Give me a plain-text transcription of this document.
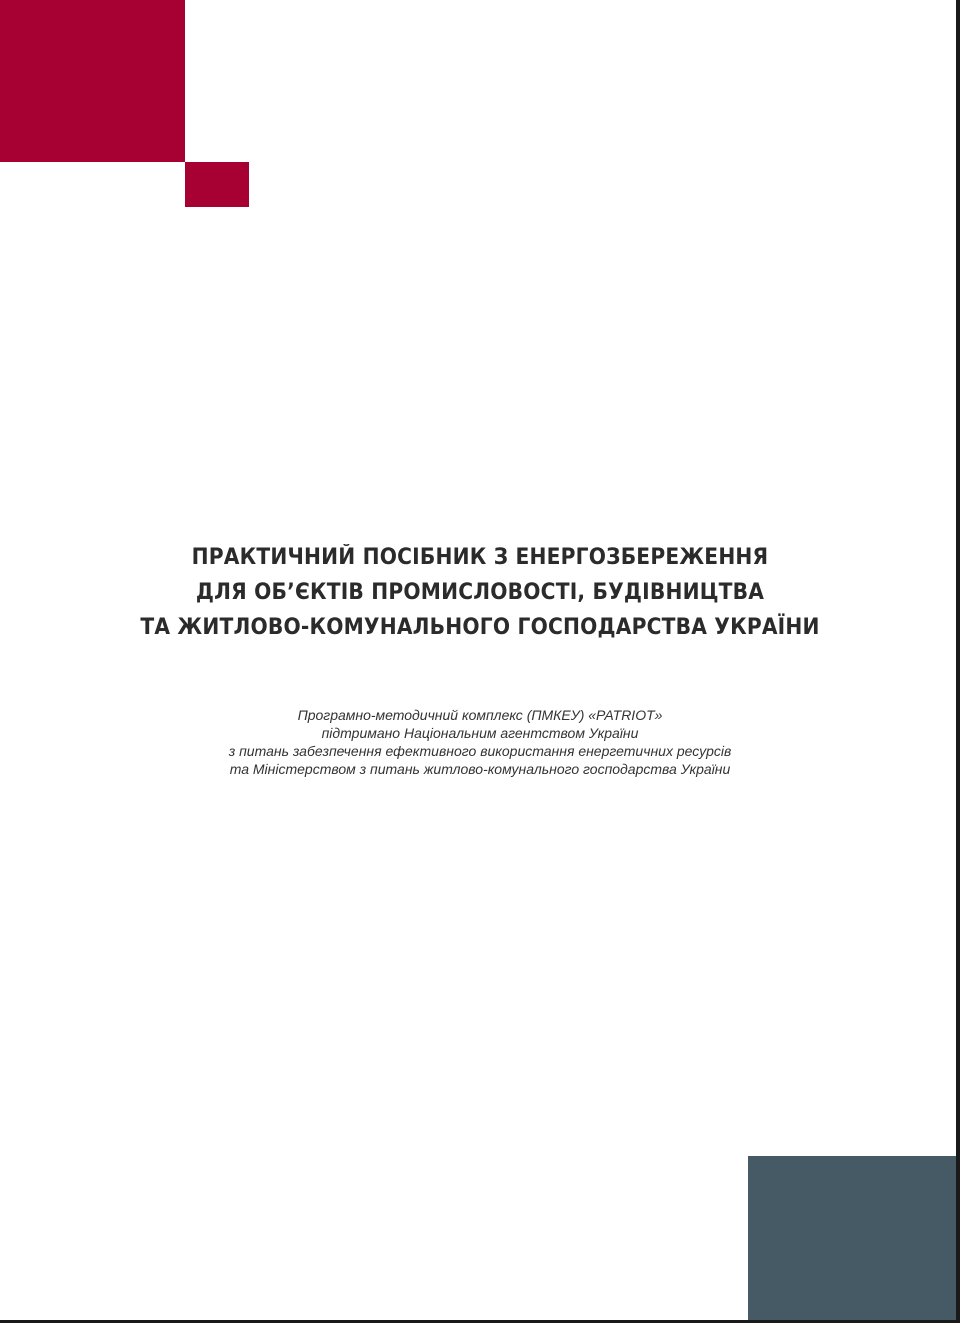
ПРАКТИЧНИЙ ПОСІБНИК З ЕНЕРГОЗБЕРЕЖЕННЯ
ДЛЯ ОБ’ЄКТІВ ПРОМИСЛОВОСТІ, БУДІВНИЦТВА
ТА ЖИТЛОВО-КОМУНАЛЬНОГО ГОСПОДАРСТВА УКРАЇНИ
Програмно-методичний комплекс (ПМКЕУ) «PATRIOT»
підтримано Національним агентством України
з питань забезпечення ефективного використання енергетичних ресурсів
та Міністерством з питань житлово-комунального господарства України
